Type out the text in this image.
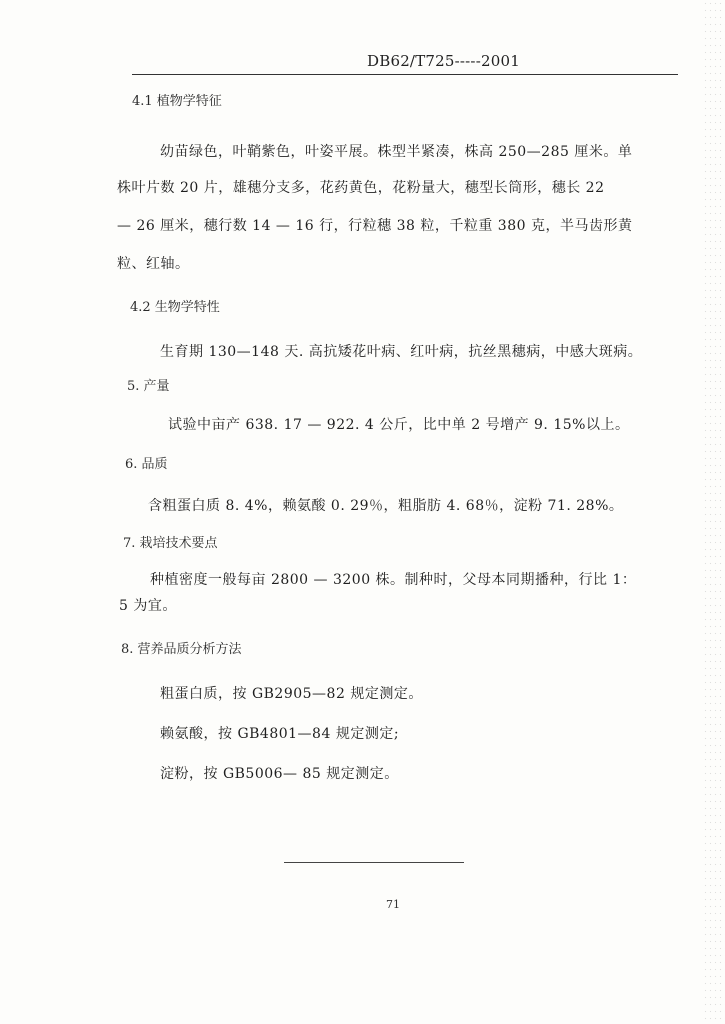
DB62/T725-----2001
4.1 植物学特征
幼苗绿色，叶鞘紫色，叶姿平展。株型半紧凑，株高 250—285 厘米。单
株叶片数 20 片，雄穗分支多，花药黄色，花粉量大，穗型长筒形，穗长 22
— 26 厘米，穗行数 14 — 16 行，行粒穗 38 粒，千粒重 380 克，半马齿形黄
粒、红轴。
4.2 生物学特性
生育期 130—148 天. 高抗矮花叶病、红叶病，抗丝黑穗病，中感大斑病。
5. 产量
试验中亩产 638. 17 — 922. 4 公斤，比中单 2 号增产 9. 15%以上。
6. 品质
含粗蛋白质 8. 4%，赖氨酸 0. 29％，粗脂肪 4. 68％，淀粉 71. 28%。
7. 栽培技术要点
种植密度一般每亩 2800 — 3200 株。制种时，父母本同期播种，行比 1：
5 为宜。
8. 营养品质分析方法
粗蛋白质，按 GB2905—82 规定测定。
赖氨酸，按 GB4801—84 规定测定;
淀粉，按 GB5006— 85 规定测定。
71
